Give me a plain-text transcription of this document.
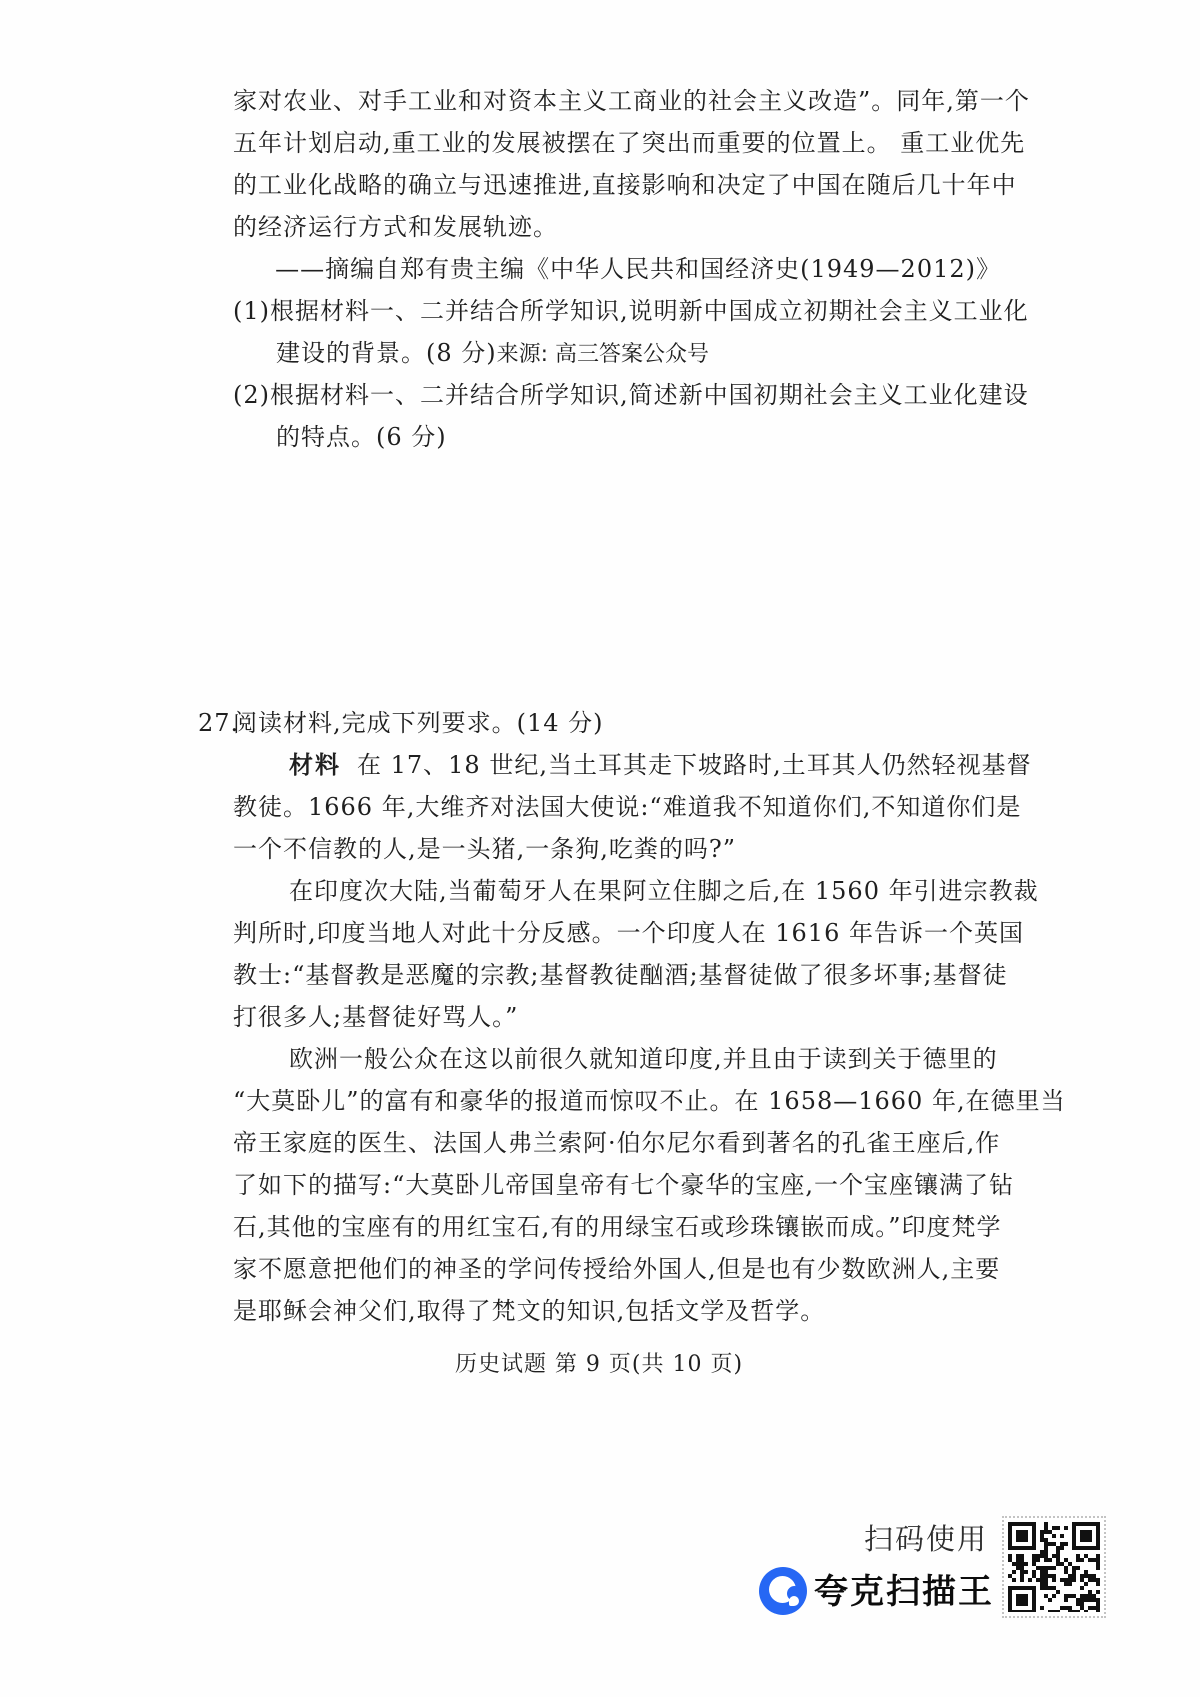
家对农业、对手工业和对资本主义工商业的社会主义改造”。同年,第一个
五年计划启动,重工业的发展被摆在了突出而重要的位置上。 重工业优先
的工业化战略的确立与迅速推进,直接影响和决定了中国在随后几十年中
的经济运行方式和发展轨迹。
——摘编自郑有贵主编《中华人民共和国经济史(1949—2012)》
(1)根据材料一、二并结合所学知识,说明新中国成立初期社会主义工业化
建设的背景。(8 分)来源: 高三答案公众号
(2)根据材料一、二并结合所学知识,简述新中国初期社会主义工业化建设
的特点。(6 分)
27.阅读材料,完成下列要求。(14 分)
材料 在 17、18 世纪,当土耳其走下坡路时,土耳其人仍然轻视基督
教徒。1666 年,大维齐对法国大使说:“难道我不知道你们,不知道你们是
一个不信教的人,是一头猪,一条狗,吃粪的吗?”
在印度次大陆,当葡萄牙人在果阿立住脚之后,在 1560 年引进宗教裁
判所时,印度当地人对此十分反感。一个印度人在 1616 年告诉一个英国
教士:“基督教是恶魔的宗教;基督教徒酗酒;基督徒做了很多坏事;基督徒
打很多人;基督徒好骂人。”
欧洲一般公众在这以前很久就知道印度,并且由于读到关于德里的
“大莫卧儿”的富有和豪华的报道而惊叹不止。在 1658—1660 年,在德里当
帝王家庭的医生、法国人弗兰索阿·伯尔尼尔看到著名的孔雀王座后,作
了如下的描写:“大莫卧儿帝国皇帝有七个豪华的宝座,一个宝座镶满了钻
石,其他的宝座有的用红宝石,有的用绿宝石或珍珠镶嵌而成。”印度梵学
家不愿意把他们的神圣的学问传授给外国人,但是也有少数欧洲人,主要
是耶稣会神父们,取得了梵文的知识,包括文学及哲学。
历史试题 第 9 页(共 10 页)
扫码使用
夸克扫描王
